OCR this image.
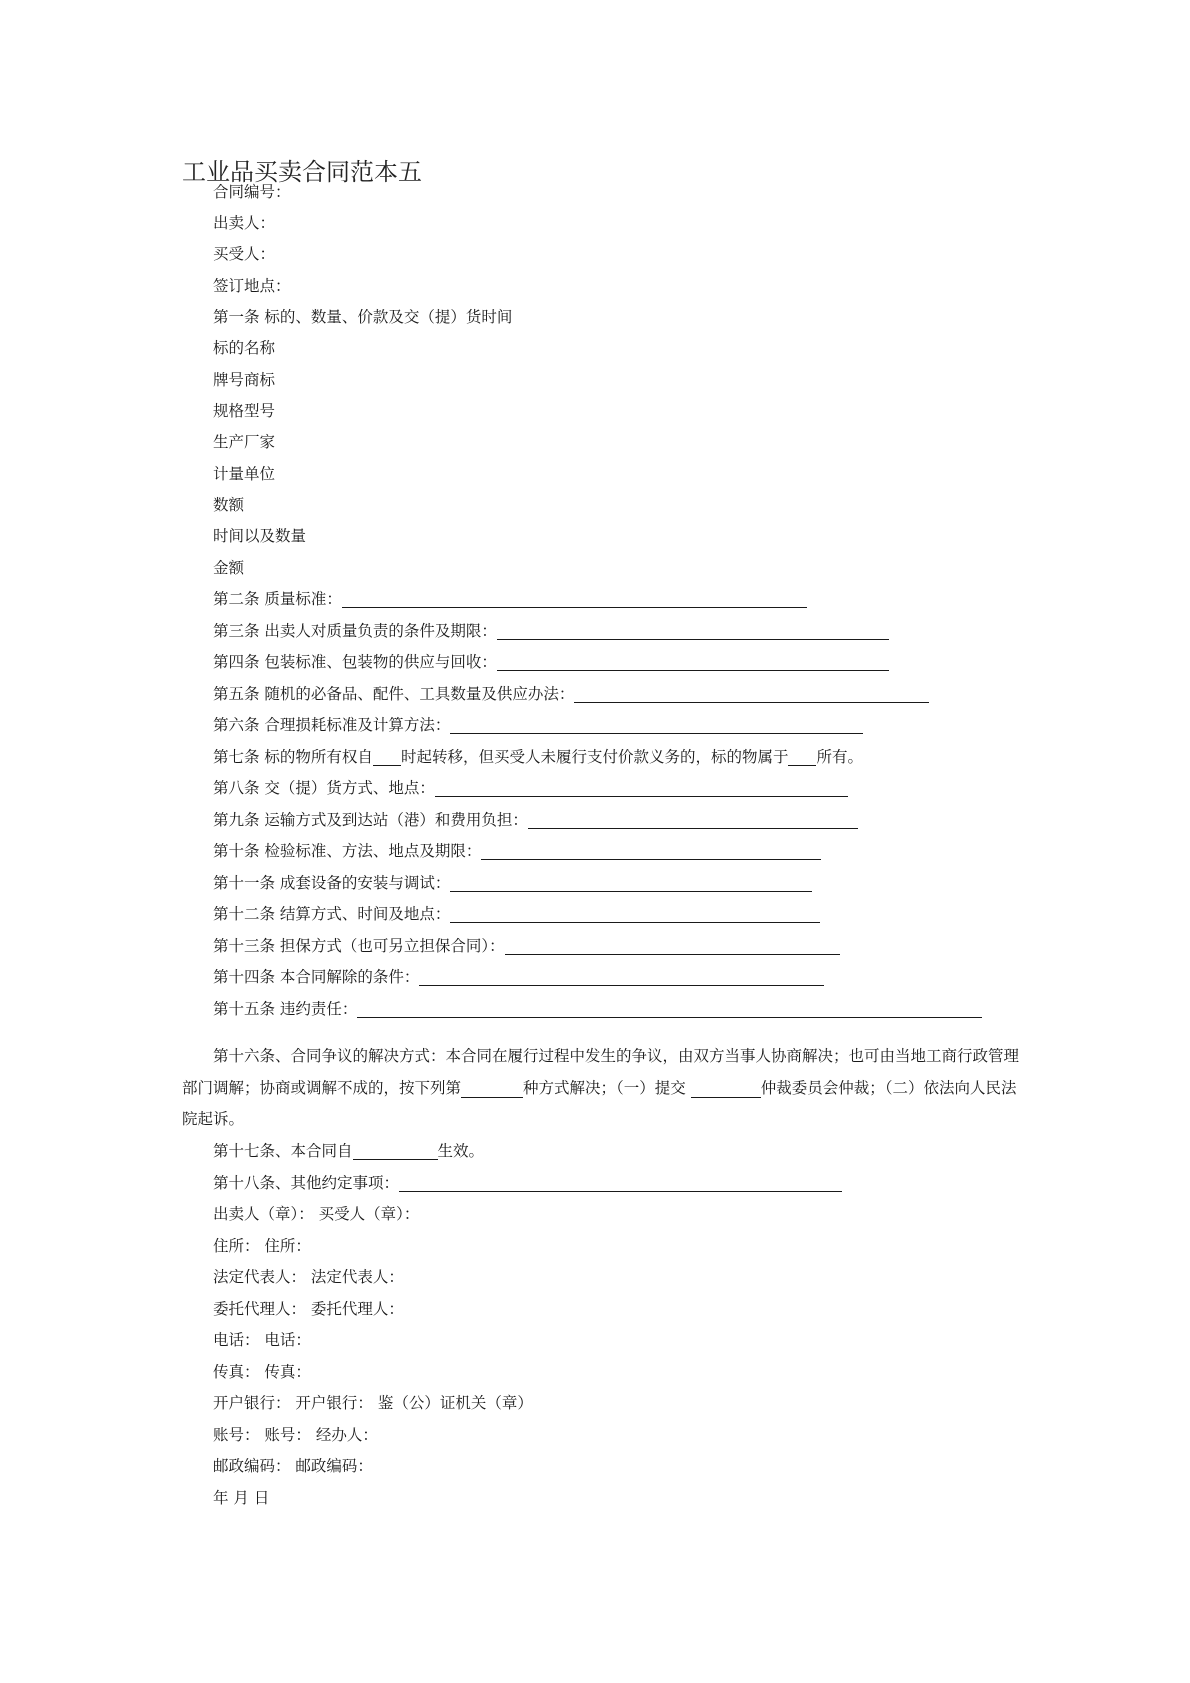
工业品买卖合同范本五

合同编号：

出卖人：

买受人：

签订地点：

第一条 标的、数量、价款及交（提）货时间

标的名称

牌号商标

规格型号

生产厂家

计量单位

数额

时间以及数量

金额

第二条 质量标准：

第三条 出卖人对质量负责的条件及期限：

第四条 包装标准、包装物的供应与回收：

第五条 随机的必备品、配件、工具数量及供应办法：

第六条 合理损耗标准及计算方法：

第七条 标的物所有权自 时起转移，但买受人未履行支付价款义务的，标的物属于 所有。

第八条 交（提）货方式、地点：

第九条 运输方式及到达站（港）和费用负担：

第十条 检验标准、方法、地点及期限：

第十一条 成套设备的安装与调试：

第十二条 结算方式、时间及地点：

第十三条 担保方式（也可另立担保合同）：

第十四条 本合同解除的条件：

第十五条 违约责任：

第十六条、合同争议的解决方式：本合同在履行过程中发生的争议，由双方当事人协商解决；也可由当地工商行政管理部门调解；协商或调解不成的，按下列第	种方式解决；（一）提交	仲裁委员会仲裁；（二）依法向人民法院起诉。

第十七条、本合同自	生效。

第十八条、其他约定事项：

出卖人（章）： 买受人（章）：

住所： 住所：

法定代表人： 法定代表人：

委托代理人： 委托代理人：

电话： 电话：

传真： 传真：

开户银行： 开户银行： 鉴（公）证机关（章）

账号： 账号： 经办人：

邮政编码： 邮政编码：

年 月 日
